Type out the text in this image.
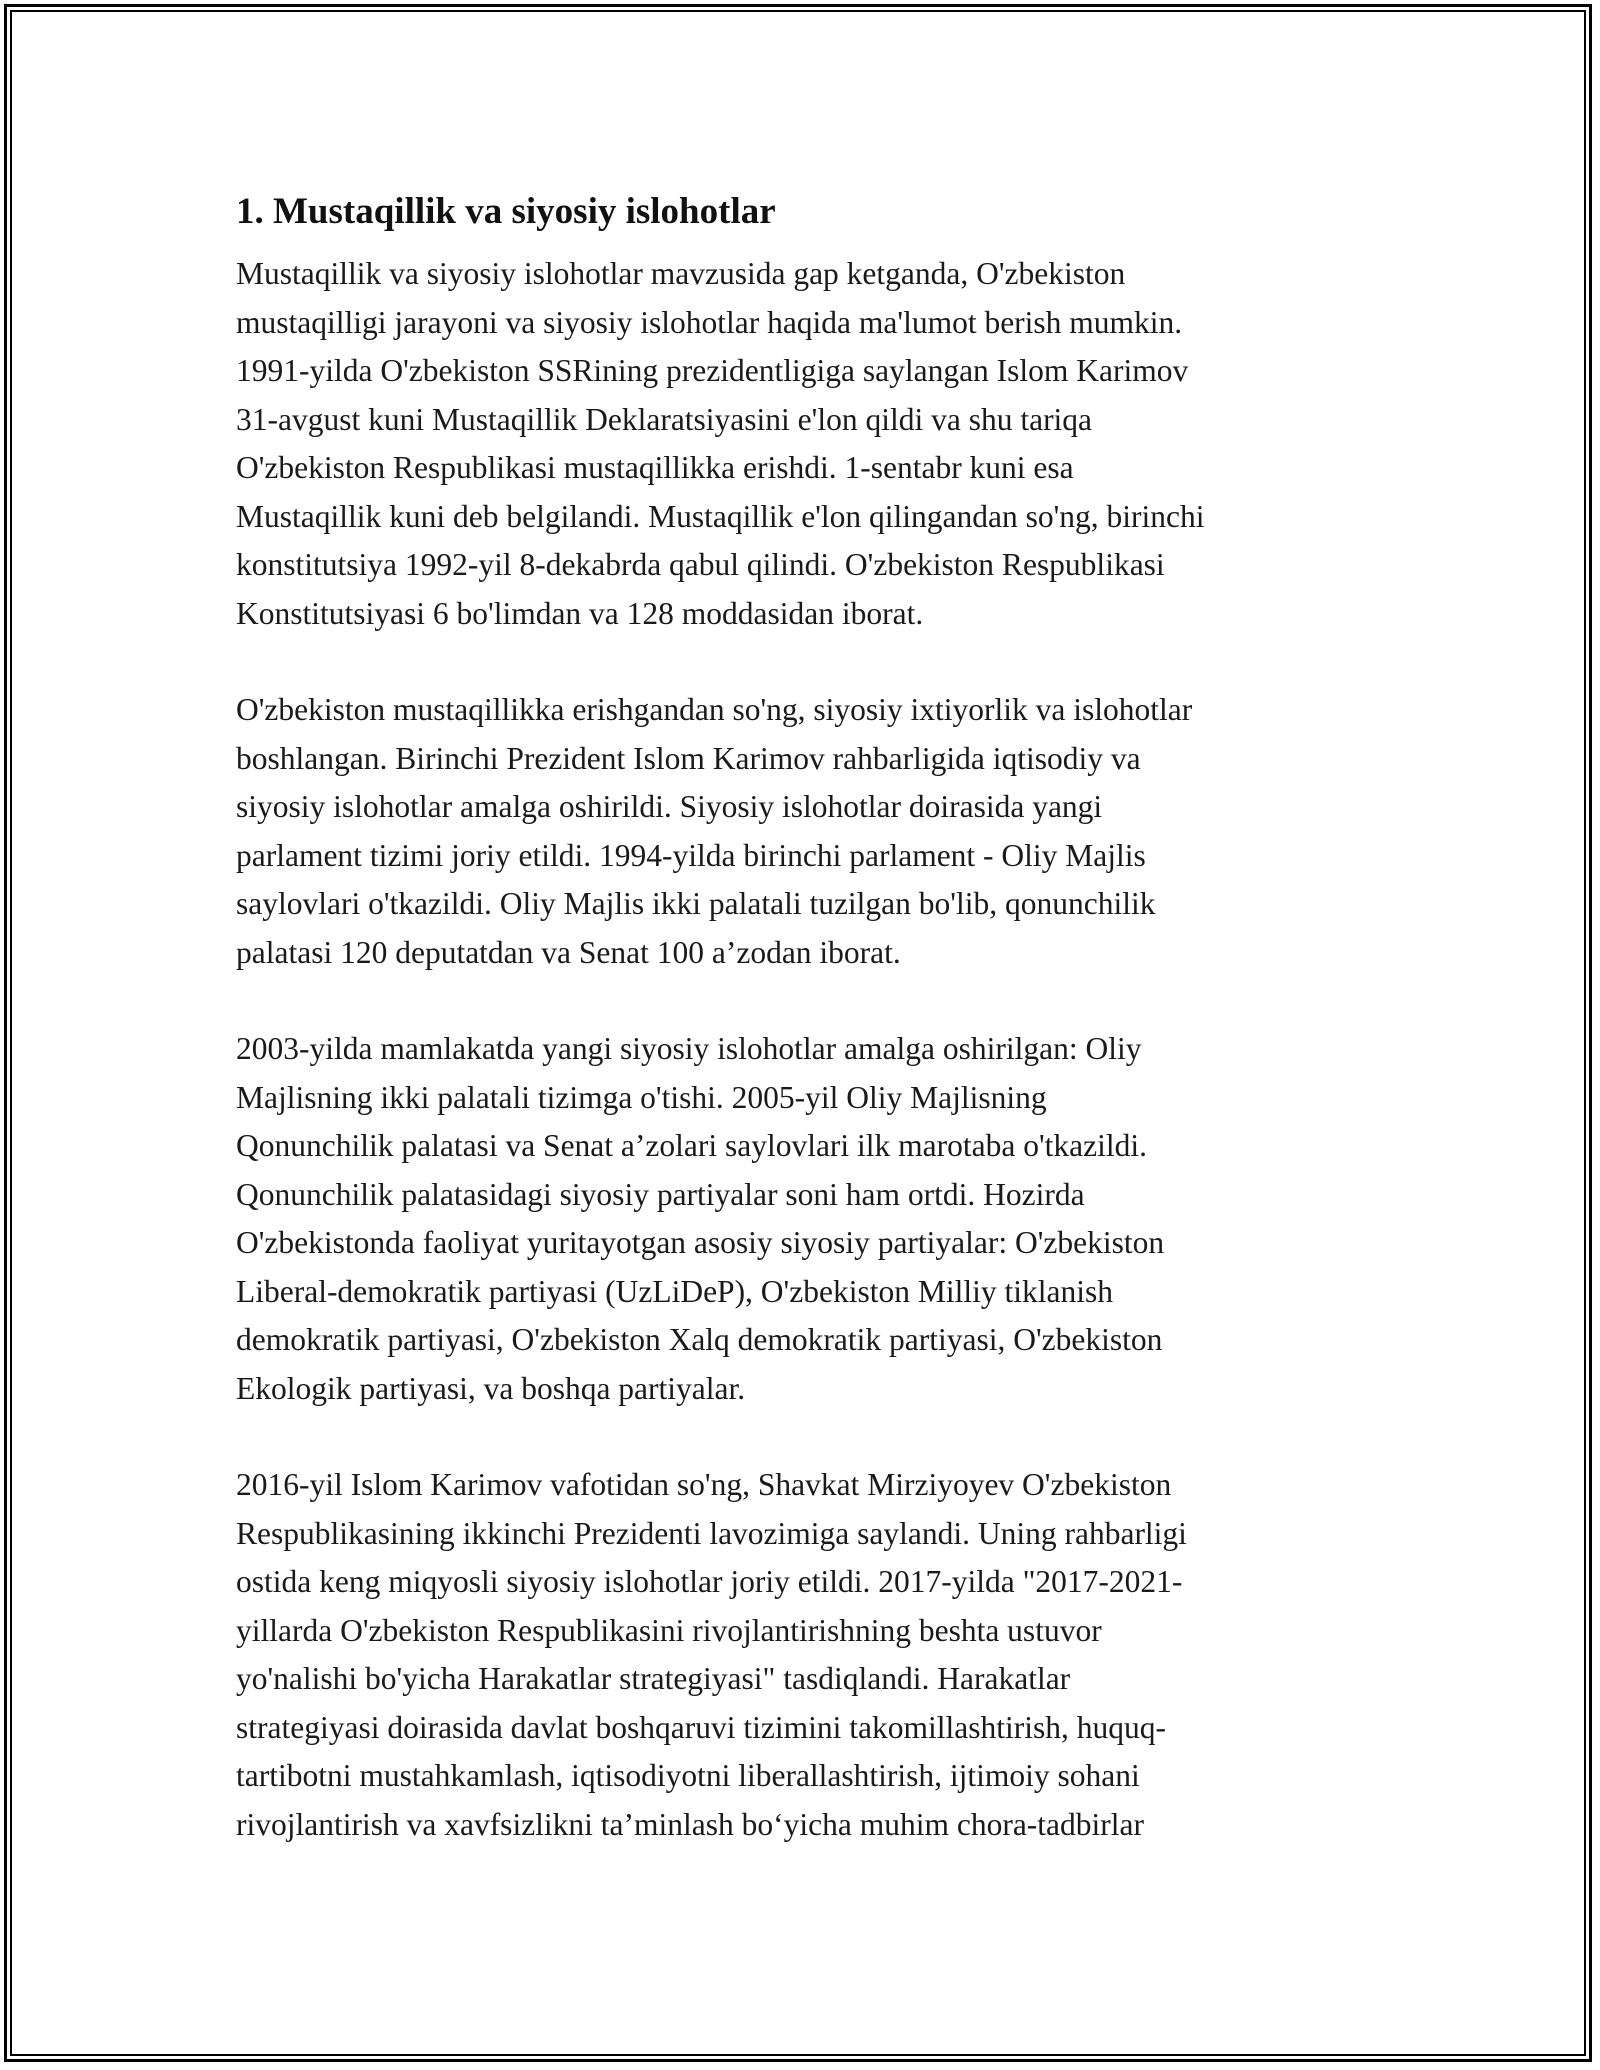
1. Mustaqillik va siyosiy islohotlar

Mustaqillik va siyosiy islohotlar mavzusida gap ketganda, O'zbekiston
mustaqilligi jarayoni va siyosiy islohotlar haqida ma'lumot berish mumkin.
1991-yilda O'zbekiston SSRining prezidentligiga saylangan Islom Karimov
31-avgust kuni Mustaqillik Deklaratsiyasini e'lon qildi va shu tariqa
O'zbekiston Respublikasi mustaqillikka erishdi. 1-sentabr kuni esa
Mustaqillik kuni deb belgilandi. Mustaqillik e'lon qilingandan so'ng, birinchi
konstitutsiya 1992-yil 8-dekabrda qabul qilindi. O'zbekiston Respublikasi
Konstitutsiyasi 6 bo'limdan va 128 moddasidan iborat.

O'zbekiston mustaqillikka erishgandan so'ng, siyosiy ixtiyorlik va islohotlar
boshlangan. Birinchi Prezident Islom Karimov rahbarligida iqtisodiy va
siyosiy islohotlar amalga oshirildi. Siyosiy islohotlar doirasida yangi
parlament tizimi joriy etildi. 1994-yilda birinchi parlament - Oliy Majlis
saylovlari o'tkazildi. Oliy Majlis ikki palatali tuzilgan bo'lib, qonunchilik
palatasi 120 deputatdan va Senat 100 a’zodan iborat.

2003-yilda mamlakatda yangi siyosiy islohotlar amalga oshirilgan: Oliy
Majlisning ikki palatali tizimga o'tishi. 2005-yil Oliy Majlisning
Qonunchilik palatasi va Senat a’zolari saylovlari ilk marotaba o'tkazildi.
Qonunchilik palatasidagi siyosiy partiyalar soni ham ortdi. Hozirda
O'zbekistonda faoliyat yuritayotgan asosiy siyosiy partiyalar: O'zbekiston
Liberal-demokratik partiyasi (UzLiDeP), O'zbekiston Milliy tiklanish
demokratik partiyasi, O'zbekiston Xalq demokratik partiyasi, O'zbekiston
Ekologik partiyasi, va boshqa partiyalar.

2016-yil Islom Karimov vafotidan so'ng, Shavkat Mirziyoyev O'zbekiston
Respublikasining ikkinchi Prezidenti lavozimiga saylandi. Uning rahbarligi
ostida keng miqyosli siyosiy islohotlar joriy etildi. 2017-yilda "2017-2021-
yillarda O'zbekiston Respublikasini rivojlantirishning beshta ustuvor
yo'nalishi bo'yicha Harakatlar strategiyasi" tasdiqlandi. Harakatlar
strategiyasi doirasida davlat boshqaruvi tizimini takomillashtirish, huquq-
tartibotni mustahkamlash, iqtisodiyotni liberallashtirish, ijtimoiy sohani
rivojlantirish va xavfsizlikni ta’minlash bo‘yicha muhim chora-tadbirlar
